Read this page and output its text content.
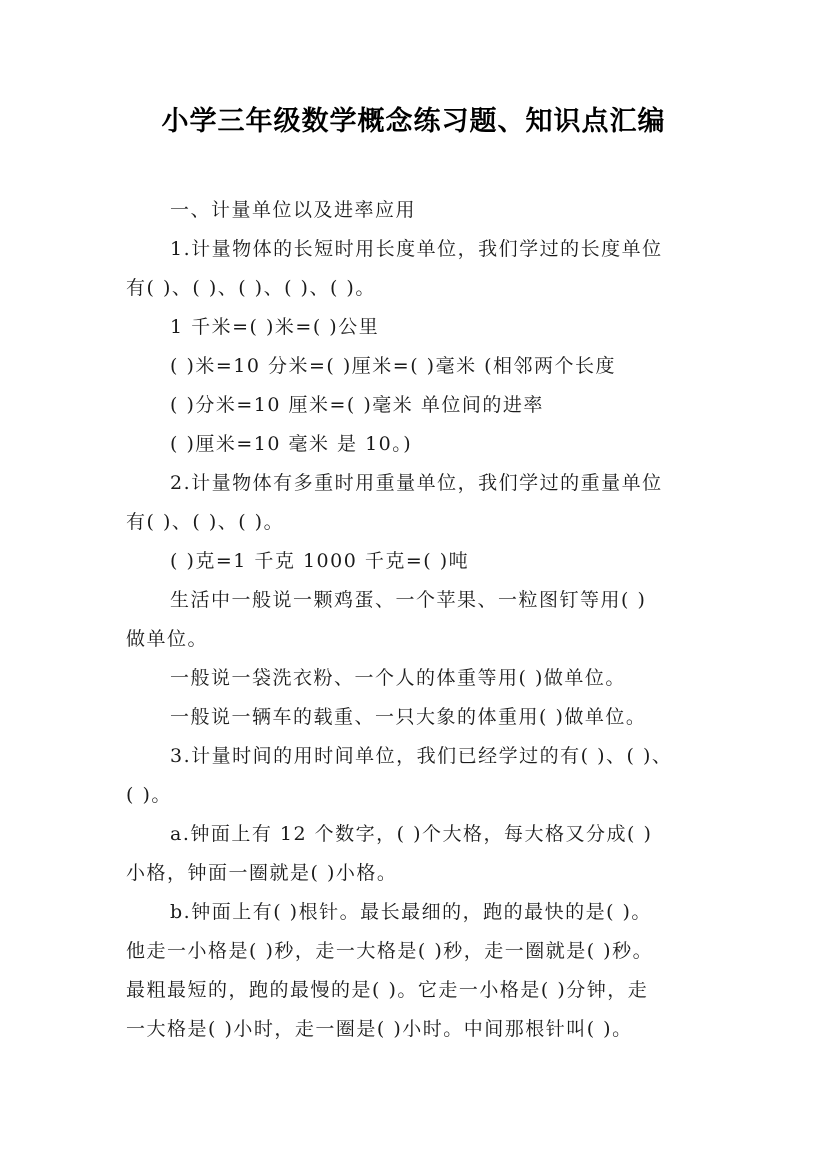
小学三年级数学概念练习题、知识点汇编
一、计量单位以及进率应用
1.计量物体的长短时用长度单位，我们学过的长度单位
有( )、( )、( )、( )、( )。
1 千米=( )米=( )公里
( )米=10 分米=( )厘米=( )毫米 (相邻两个长度
( )分米=10 厘米=( )毫米 单位间的进率
( )厘米=10 毫米 是 10。)
2.计量物体有多重时用重量单位，我们学过的重量单位
有( )、( )、( )。
( )克=1 千克 1000 千克=( )吨
生活中一般说一颗鸡蛋、一个苹果、一粒图钉等用( )
做单位。
一般说一袋洗衣粉、一个人的体重等用( )做单位。
一般说一辆车的载重、一只大象的体重用( )做单位。
3.计量时间的用时间单位，我们已经学过的有( )、( )、
( )。
a.钟面上有 12 个数字，( )个大格，每大格又分成( )
小格，钟面一圈就是( )小格。
b.钟面上有( )根针。最长最细的，跑的最快的是( )。
他走一小格是( )秒，走一大格是( )秒，走一圈就是( )秒。
最粗最短的，跑的最慢的是( )。它走一小格是( )分钟，走
一大格是( )小时，走一圈是( )小时。中间那根针叫( )。
